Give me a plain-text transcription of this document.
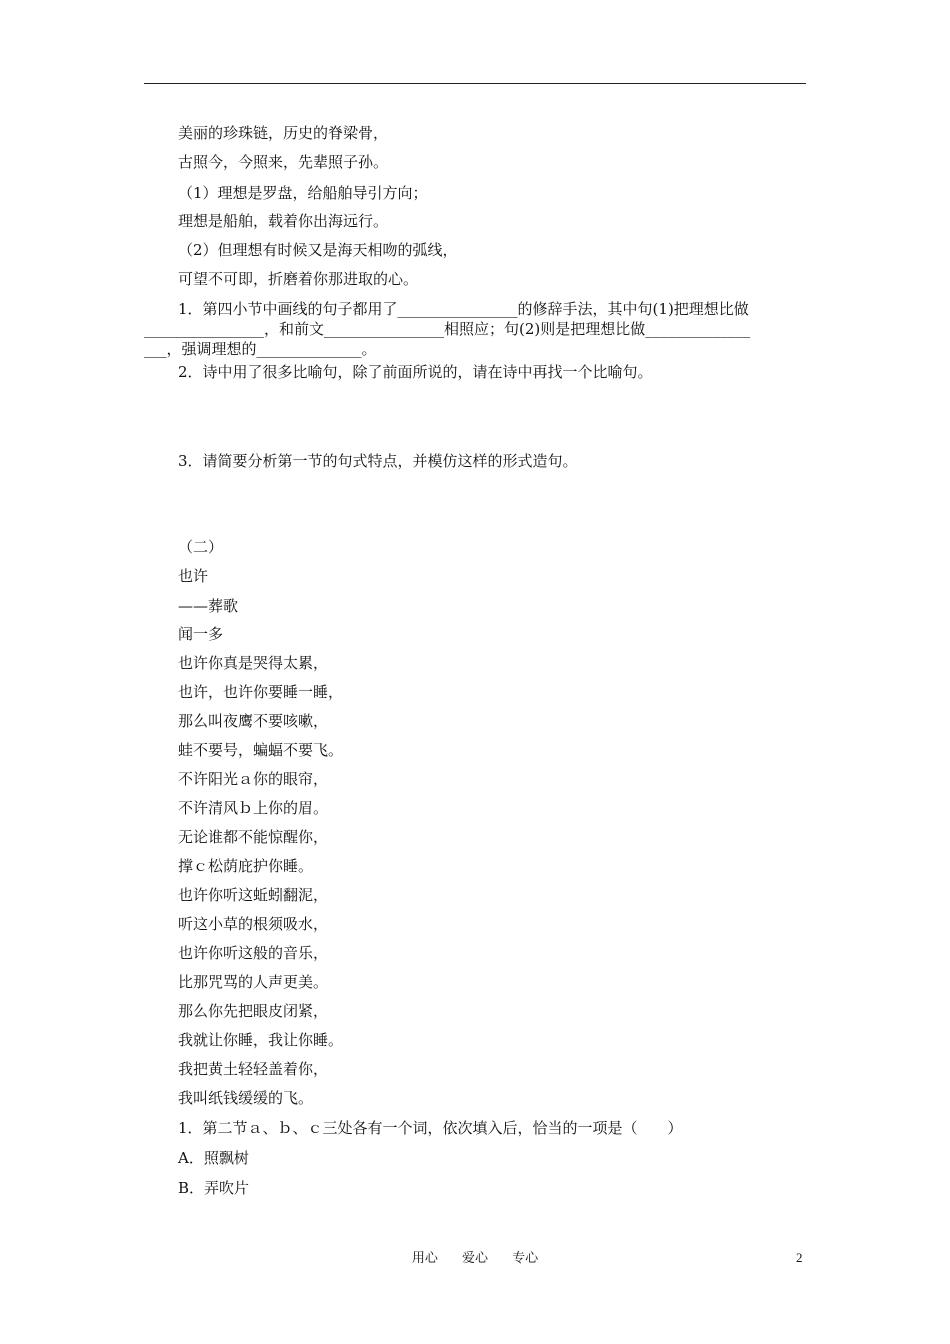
美丽的珍珠链，历史的脊梁骨，
古照今，今照来，先辈照子孙。
（1）理想是罗盘，给船舶导引方向；
理想是船舶，载着你出海远行。
（2）但理想有时候又是海天相吻的弧线，
可望不可即，折磨着你那进取的心。

1．第四小节中画线的句子都用了________________的修辞手法，其中句(1)把理想比做

________________，和前文________________相照应；句(2)则是把理想比做______________

___，强调理想的______________。

2．诗中用了很多比喻句，除了前面所说的，请在诗中再找一个比喻句。
3．请简要分析第一节的句式特点，并模仿这样的形式造句。
（二）
也许
——葬歌
闻一多
也许你真是哭得太累，
也许，也许你要睡一睡，
那么叫夜鹰不要咳嗽，
蛙不要号，蝙蝠不要飞。
不许阳光ａ你的眼帘，
不许清风ｂ上你的眉。
无论谁都不能惊醒你，
撑ｃ松荫庇护你睡。
也许你听这蚯蚓翻泥，
听这小草的根须吸水，
也许你听这般的音乐，
比那咒骂的人声更美。
那么你先把眼皮闭紧，
我就让你睡，我让你睡。
我把黄土轻轻盖着你，
我叫纸钱缓缓的飞。
1．第二节ａ、ｂ、ｃ三处各有一个词，依次填入后，恰当的一项是（　　）
A．照飘树
B．弄吹片
用心 爱心 专心	2
